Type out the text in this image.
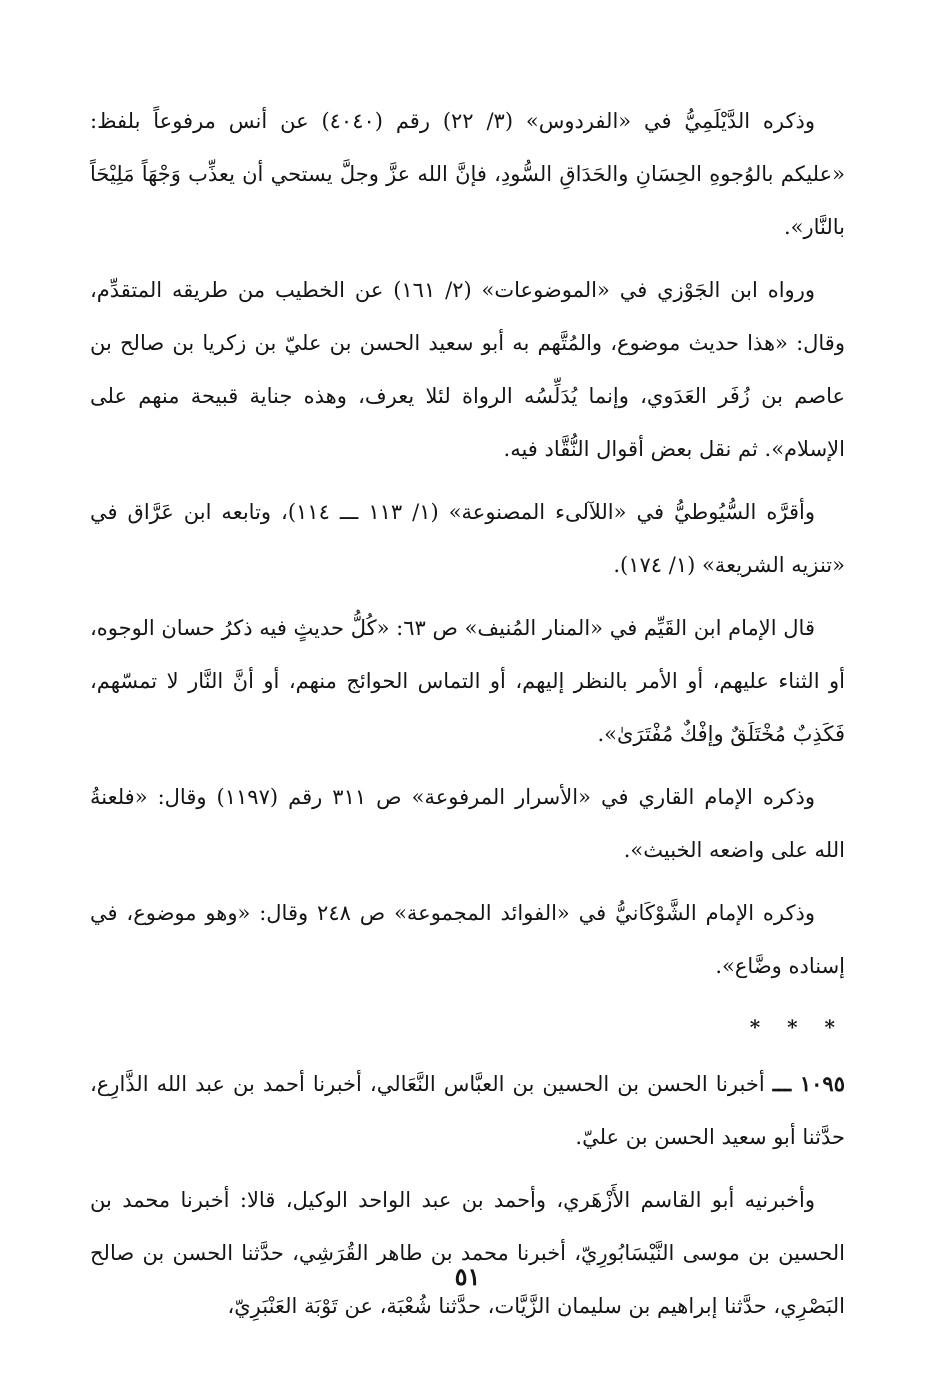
وذكره الدَّيْلَمِيُّ في «الفردوس» (٣/ ٢٢) رقم (٤٠٤٠) عن أنس مرفوعاً بلفظ: «عليكم بالوُجوهِ الحِسَانِ والحَدَاقِ السُّودِ، فإنَّ الله عزَّ وجلَّ يستحي أن يعذِّب وَجْهَاً مَلِيْحَاً بالنَّار».

ورواه ابن الجَوْزي في «الموضوعات» (٢/ ١٦١) عن الخطيب من طريقه المتقدِّم، وقال: «هذا حديث موضوع، والمُتَّهم به أبو سعيد الحسن بن عليّ بن زكريا بن صالح بن عاصم بن زُفَر العَدَوي، وإنما يُدَلِّسُه الرواة لئلا يعرف، وهذه جناية قبيحة منهم على الإسلام». ثم نقل بعض أقوال النُّقَّاد فيه.

وأقرَّه السُّيُوطيُّ في «اللآلىء المصنوعة» (١/ ١١٣ ـــ ١١٤)، وتابعه ابن عَرَّاق في «تنزيه الشريعة» (١/ ١٧٤).

قال الإمام ابن القَيِّم في «المنار المُنيف» ص ٦٣: «كُلُّ حديثٍ فيه ذكرُ حسان الوجوه، أو الثناء عليهم، أو الأمر بالنظر إليهم، أو التماس الحوائج منهم، أو أنَّ النَّار لا تمسّهم، فَكَذِبٌ مُخْتَلَقٌ وإفْكٌ مُفْتَرَىٰ».

وذكره الإمام القاري في «الأسرار المرفوعة» ص ٣١١ رقم (١١٩٧) وقال: «فلعنةُ الله على واضعه الخبيث».

وذكره الإمام الشَّوْكَانيُّ في «الفوائد المجموعة» ص ٢٤٨ وقال: «وهو موضوع، في إسناده وضَّاع».

* * *

١٠٩٥ ـــ أخبرنا الحسن بن الحسين بن العبَّاس النَّعَالي، أخبرنا أحمد بن عبد الله الذَّارِع، حدَّثنا أبو سعيد الحسن بن عليّ.

وأخبرنيه أبو القاسم الأَزْهَري، وأحمد بن عبد الواحد الوكيل، قالا: أخبرنا محمد بن الحسين بن موسى النَّيْسَابُورِيّ، أخبرنا محمد بن طاهر القُرَشِي، حدَّثنا الحسن بن صالح البَصْرِي، حدَّثنا إبراهيم بن سليمان الزَّيَّات، حدَّثنا شُعْبَة، عن تَوْبَة العَنْبَرِيّ،

٥١
